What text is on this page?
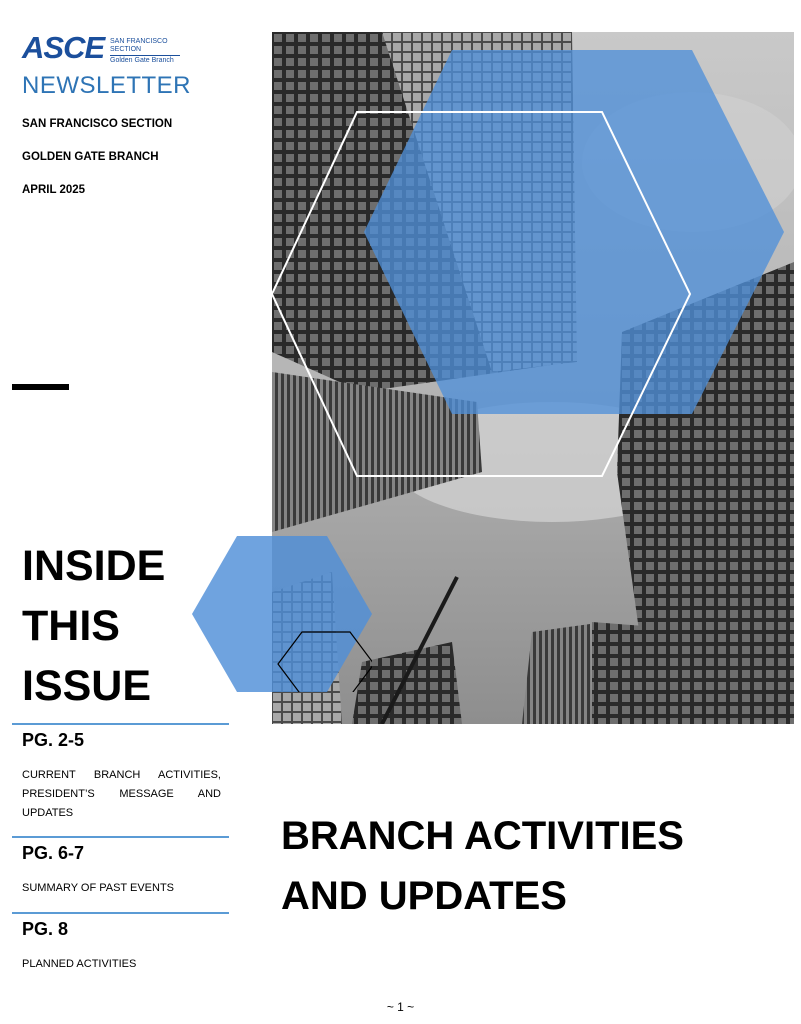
ASCE SAN FRANCISCO
SECTION
Golden Gate Branch
NEWSLETTER
SAN FRANCISCO SECTION
GOLDEN GATE BRANCH
APRIL 2025
INSIDE
THIS
ISSUE
PG. 2-5
CURRENT BRANCH ACTIVITIES, PRESIDENT’S MESSAGE AND UPDATES
PG. 6-7
SUMMARY OF PAST EVENTS
PG. 8
PLANNED ACTIVITIES
BRANCH ACTIVITIES
AND UPDATES
~ 1 ~
